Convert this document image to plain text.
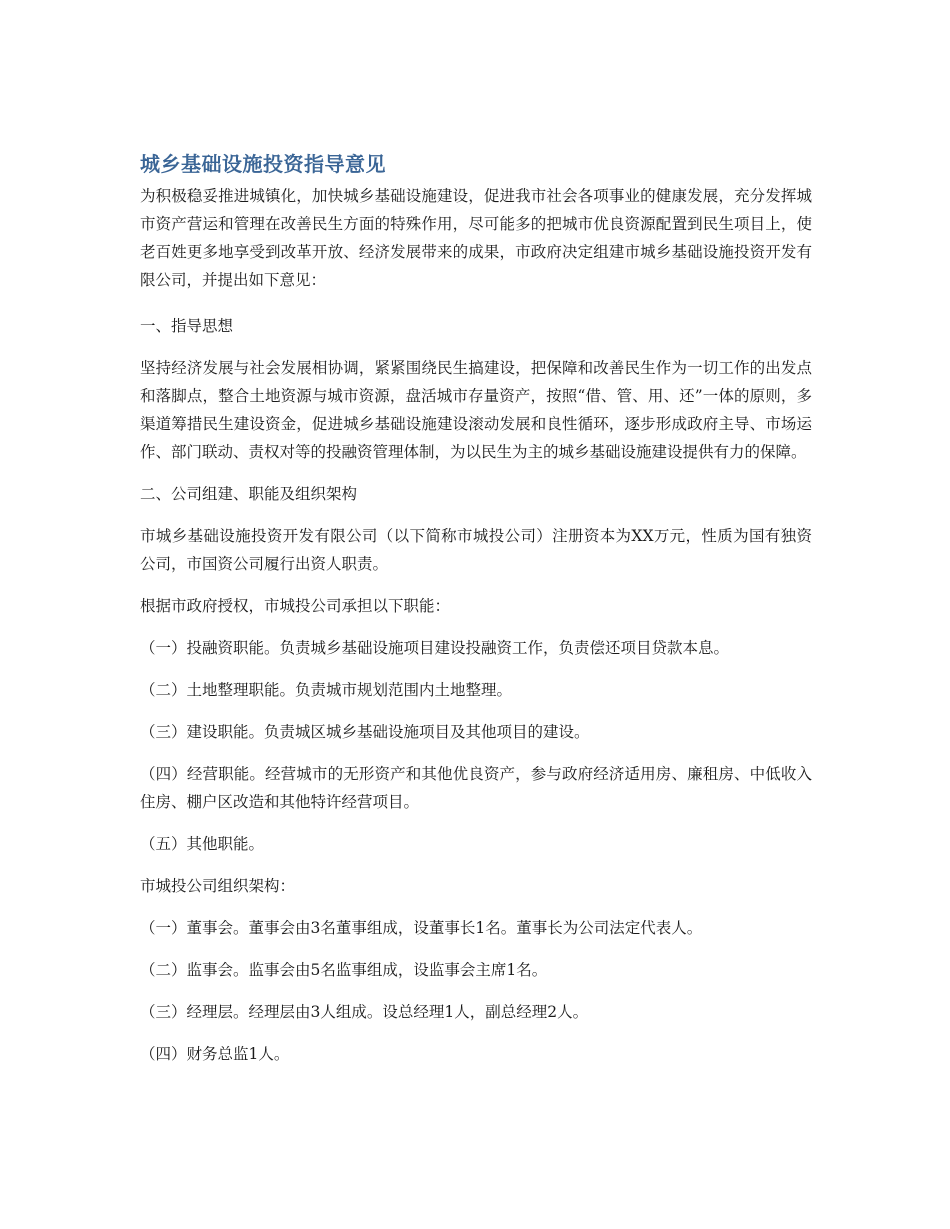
城乡基础设施投资指导意见

为积极稳妥推进城镇化，加快城乡基础设施建设，促进我市社会各项事业的健康发展，充分发挥城市资产营运和管理在改善民生方面的特殊作用，尽可能多的把城市优良资源配置到民生项目上，使老百姓更多地享受到改革开放、经济发展带来的成果，市政府决定组建市城乡基础设施投资开发有限公司，并提出如下意见：

一、指导思想

坚持经济发展与社会发展相协调，紧紧围绕民生搞建设，把保障和改善民生作为一切工作的出发点和落脚点，整合土地资源与城市资源，盘活城市存量资产，按照“借、管、用、还”一体的原则，多渠道筹措民生建设资金，促进城乡基础设施建设滚动发展和良性循环，逐步形成政府主导、市场运作、部门联动、责权对等的投融资管理体制，为以民生为主的城乡基础设施建设提供有力的保障。

二、公司组建、职能及组织架构

市城乡基础设施投资开发有限公司（以下简称市城投公司）注册资本为XX万元，性质为国有独资公司，市国资公司履行出资人职责。

根据市政府授权，市城投公司承担以下职能：

（一）投融资职能。负责城乡基础设施项目建设投融资工作，负责偿还项目贷款本息。

（二）土地整理职能。负责城市规划范围内土地整理。

（三）建设职能。负责城区城乡基础设施项目及其他项目的建设。

（四）经营职能。经营城市的无形资产和其他优良资产，参与政府经济适用房、廉租房、中低收入住房、棚户区改造和其他特许经营项目。

（五）其他职能。

市城投公司组织架构：

（一）董事会。董事会由3名董事组成，设董事长1名。董事长为公司法定代表人。

（二）监事会。监事会由5名监事组成，设监事会主席1名。

（三）经理层。经理层由3人组成。设总经理1人，副总经理2人。

（四）财务总监1人。
